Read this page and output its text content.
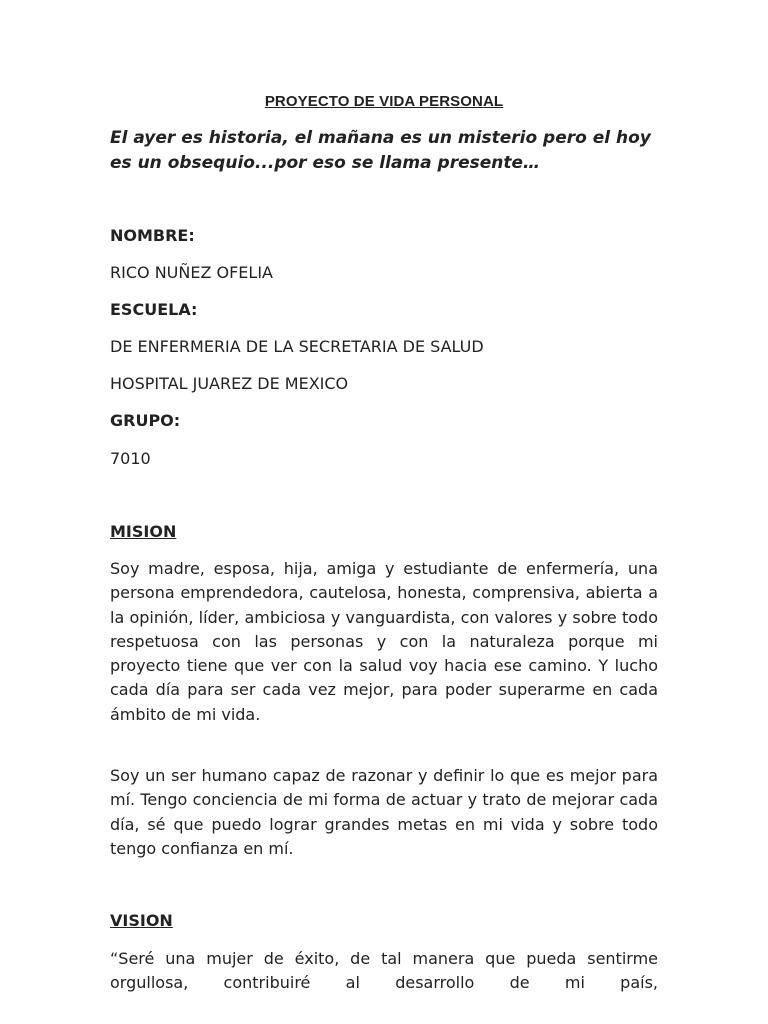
PROYECTO DE VIDA PERSONAL

El ayer es historia, el mañana es un misterio pero el hoy es un obsequio...por eso se llama presente…

NOMBRE:

RICO NUÑEZ OFELIA

ESCUELA:

DE ENFERMERIA DE LA SECRETARIA DE SALUD

HOSPITAL JUAREZ DE MEXICO

GRUPO:

7010

MISION

Soy madre, esposa, hija, amiga y estudiante de enfermería, una persona emprendedora, cautelosa, honesta, comprensiva, abierta a la opinión, líder, ambiciosa y vanguardista, con valores y sobre todo respetuosa con las personas y con la naturaleza porque mi proyecto tiene que ver con la salud voy hacia ese camino. Y lucho cada día para ser cada vez mejor, para poder superarme en cada ámbito de mi vida.

Soy un ser humano capaz de razonar y definir lo que es mejor para mí. Tengo conciencia de mi forma de actuar y trato de mejorar cada día, sé que puedo lograr grandes metas en mi vida y sobre todo tengo confianza en mí.

VISION

“Seré una mujer de éxito, de tal manera que pueda sentirme orgullosa, contribuiré al desarrollo de mi país,
